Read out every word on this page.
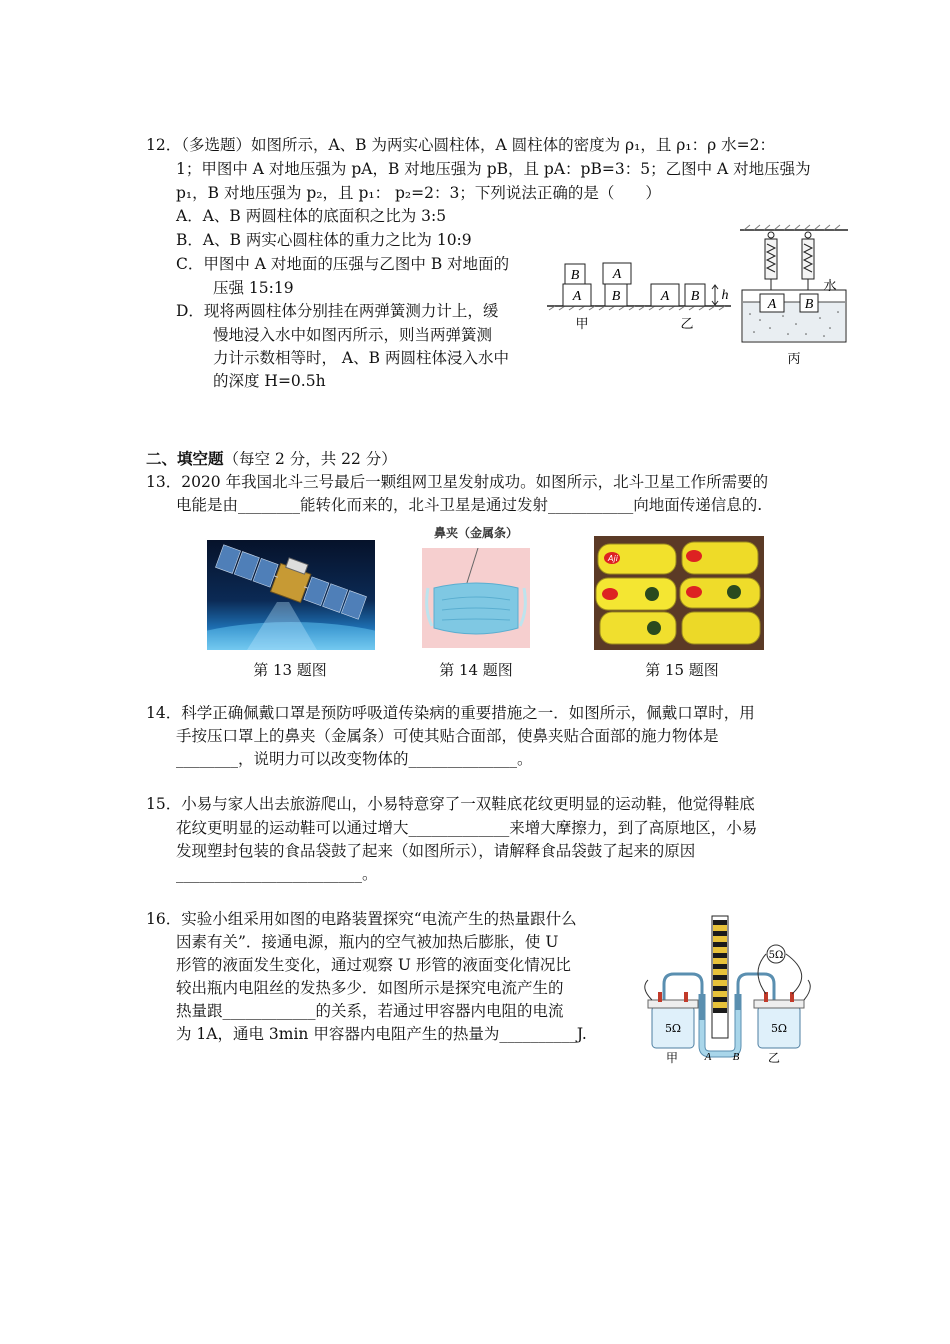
12．（多选题）如图所示，A、B 为两实心圆柱体，A 圆柱体的密度为 ρ₁，且 ρ₁：ρ 水=2：
1；甲图中 A 对地压强为 pA，B 对地压强为 pB，且 pA：pB=3：5；乙图中 A 对地压强为
p₁，B 对地压强为 p₂，且 p₁： p₂=2：3；下列说法正确的是（　　）
A．A、B 两圆柱体的底面积之比为 3:5
B．A、B 两实心圆柱体的重力之比为 10:9
C．甲图中 A 对地面的压强与乙图中 B 对地面的
压强 15:19
D．现将两圆柱体分别挂在两弹簧测力计上，缓
慢地浸入水中如图丙所示，则当两弹簧测
力计示数相等时， A、B 两圆柱体浸入水中
的深度 H=0.5h
A
B
B
A
A B h
甲	乙
A B
水
丙
二、填空题（每空 2 分，共 22 分）
13．2020 年我国北斗三号最后一颗组网卫星发射成功。如图所示，北斗卫星工作所需要的
电能是由________能转化而来的，北斗卫星是通过发射___________向地面传递信息的.
鼻夹（金属条）
Aji
第 13 题图	第 14 题图	第 15 题图
14．科学正确佩戴口罩是预防呼吸道传染病的重要措施之一．如图所示，佩戴口罩时，用
手按压口罩上的鼻夹（金属条）可使其贴合面部，使鼻夹贴合面部的施力物体是
________，说明力可以改变物体的______________。
15．小易与家人出去旅游爬山，小易特意穿了一双鞋底花纹更明显的运动鞋，他觉得鞋底
花纹更明显的运动鞋可以通过增大_____________来增大摩擦力，到了高原地区，小易
发现塑封包装的食品袋鼓了起来（如图所示），请解释食品袋鼓了起来的原因
________________________。
16．实验小组采用如图的电路装置探究“电流产生的热量跟什么
因素有关”．接通电源，瓶内的空气被加热后膨胀，使 U
形管的液面发生变化，通过观察 U 形管的液面变化情况比
较出瓶内电阻丝的发热多少．如图所示是探究电流产生的
热量跟____________的关系，若通过甲容器内电阻的电流
为 1A，通电 3min 甲容器内电阻产生的热量为__________J.
5Ω
5Ω	5Ω
甲 A B 乙
